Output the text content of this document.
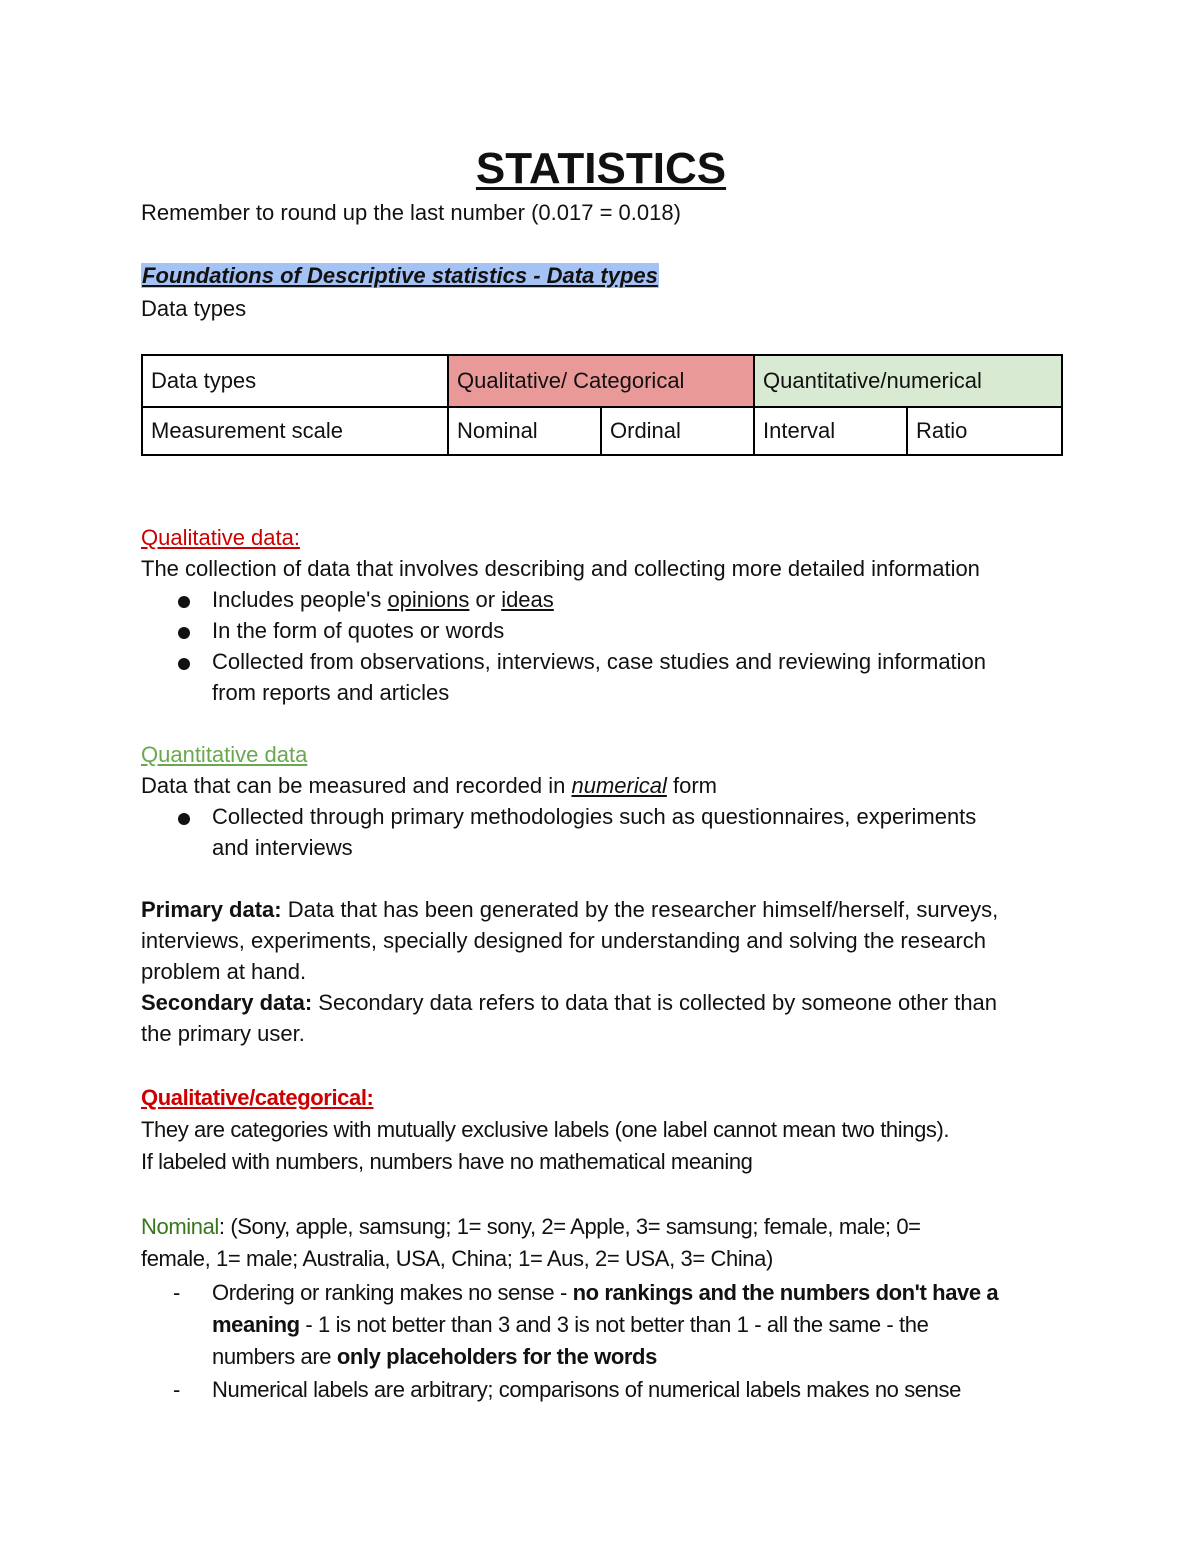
STATISTICS
Remember to round up the last number (0.017 = 0.018)
Foundations of Descriptive statistics - Data types
Data types
Data types	Qualitative/ Categorical		Quantitative/numerical	
Measurement scale	Nominal	Ordinal	Interval	Ratio
Qualitative data:
The collection of data that involves describing and collecting more detailed information
Includes people's opinions or ideas
In the form of quotes or words
Collected from observations, interviews, case studies and reviewing information
from reports and articles
Quantitative data
Data that can be measured and recorded in numerical form
Collected through primary methodologies such as questionnaires, experiments
and interviews
Primary data: Data that has been generated by the researcher himself/herself, surveys,
interviews, experiments, specially designed for understanding and solving the research
problem at hand.
Secondary data: Secondary data refers to data that is collected by someone other than
the primary user.
Qualitative/categorical:
They are categories with mutually exclusive labels (one label cannot mean two things).
If labeled with numbers, numbers have no mathematical meaning
Nominal: (Sony, apple, samsung; 1= sony, 2= Apple, 3= samsung; female, male; 0=
female, 1= male; Australia, USA, China; 1= Aus, 2= USA, 3= China)
- Ordering or ranking makes no sense - no rankings and the numbers don't have a
meaning - 1 is not better than 3 and 3 is not better than 1 - all the same - the
numbers are only placeholders for the words
- Numerical labels are arbitrary; comparisons of numerical labels makes no sense
